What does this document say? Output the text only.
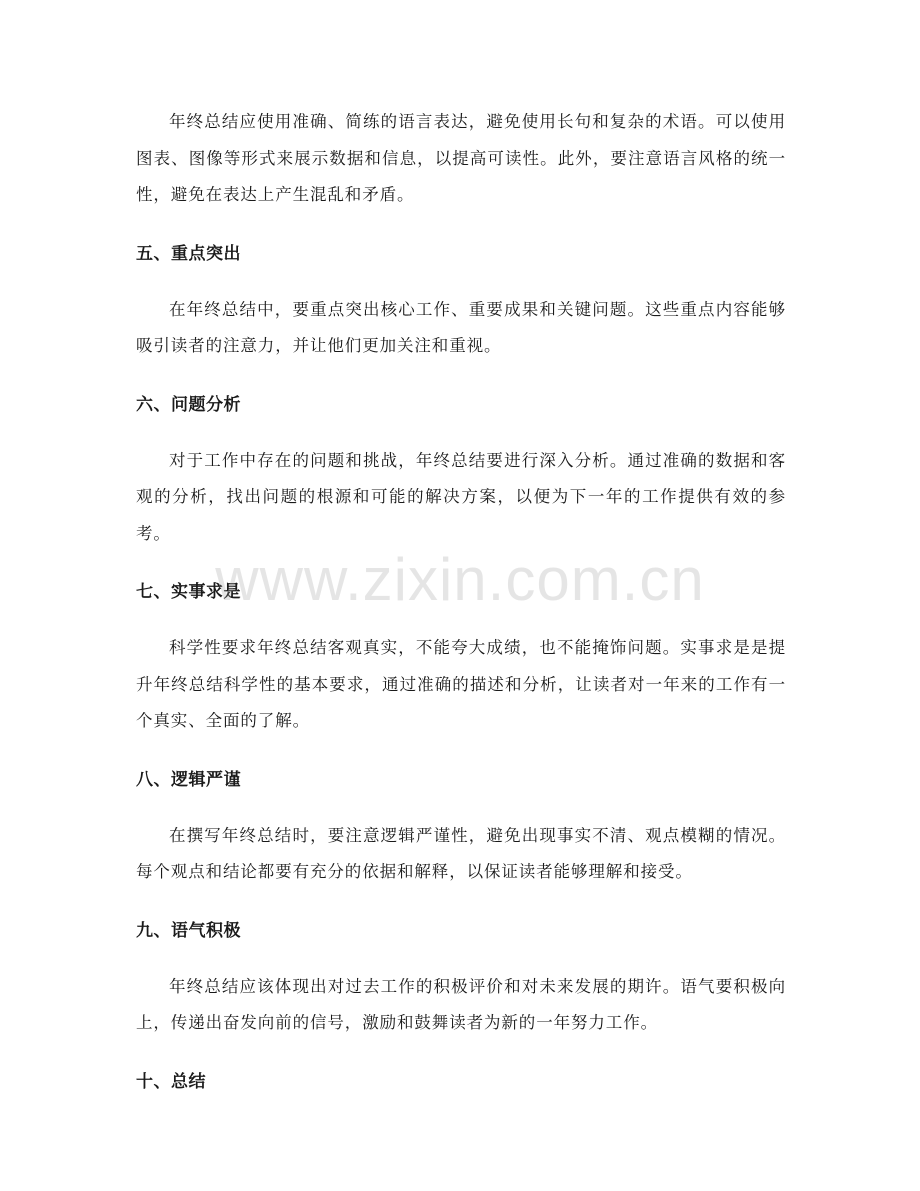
年终总结应使用准确、简练的语言表达，避免使用长句和复杂的术语。可以使用图表、图像等形式来展示数据和信息，以提高可读性。此外，要注意语言风格的统一性，避免在表达上产生混乱和矛盾。

五、重点突出

在年终总结中，要重点突出核心工作、重要成果和关键问题。这些重点内容能够吸引读者的注意力，并让他们更加关注和重视。

六、问题分析

对于工作中存在的问题和挑战，年终总结要进行深入分析。通过准确的数据和客观的分析，找出问题的根源和可能的解决方案，以便为下一年的工作提供有效的参考。

七、实事求是

科学性要求年终总结客观真实，不能夸大成绩，也不能掩饰问题。实事求是是提升年终总结科学性的基本要求，通过准确的描述和分析，让读者对一年来的工作有一个真实、全面的了解。

八、逻辑严谨

在撰写年终总结时，要注意逻辑严谨性，避免出现事实不清、观点模糊的情况。每个观点和结论都要有充分的依据和解释，以保证读者能够理解和接受。

九、语气积极

年终总结应该体现出对过去工作的积极评价和对未来发展的期许。语气要积极向上，传递出奋发向前的信号，激励和鼓舞读者为新的一年努力工作。

十、总结
www.zixin.com.cn
